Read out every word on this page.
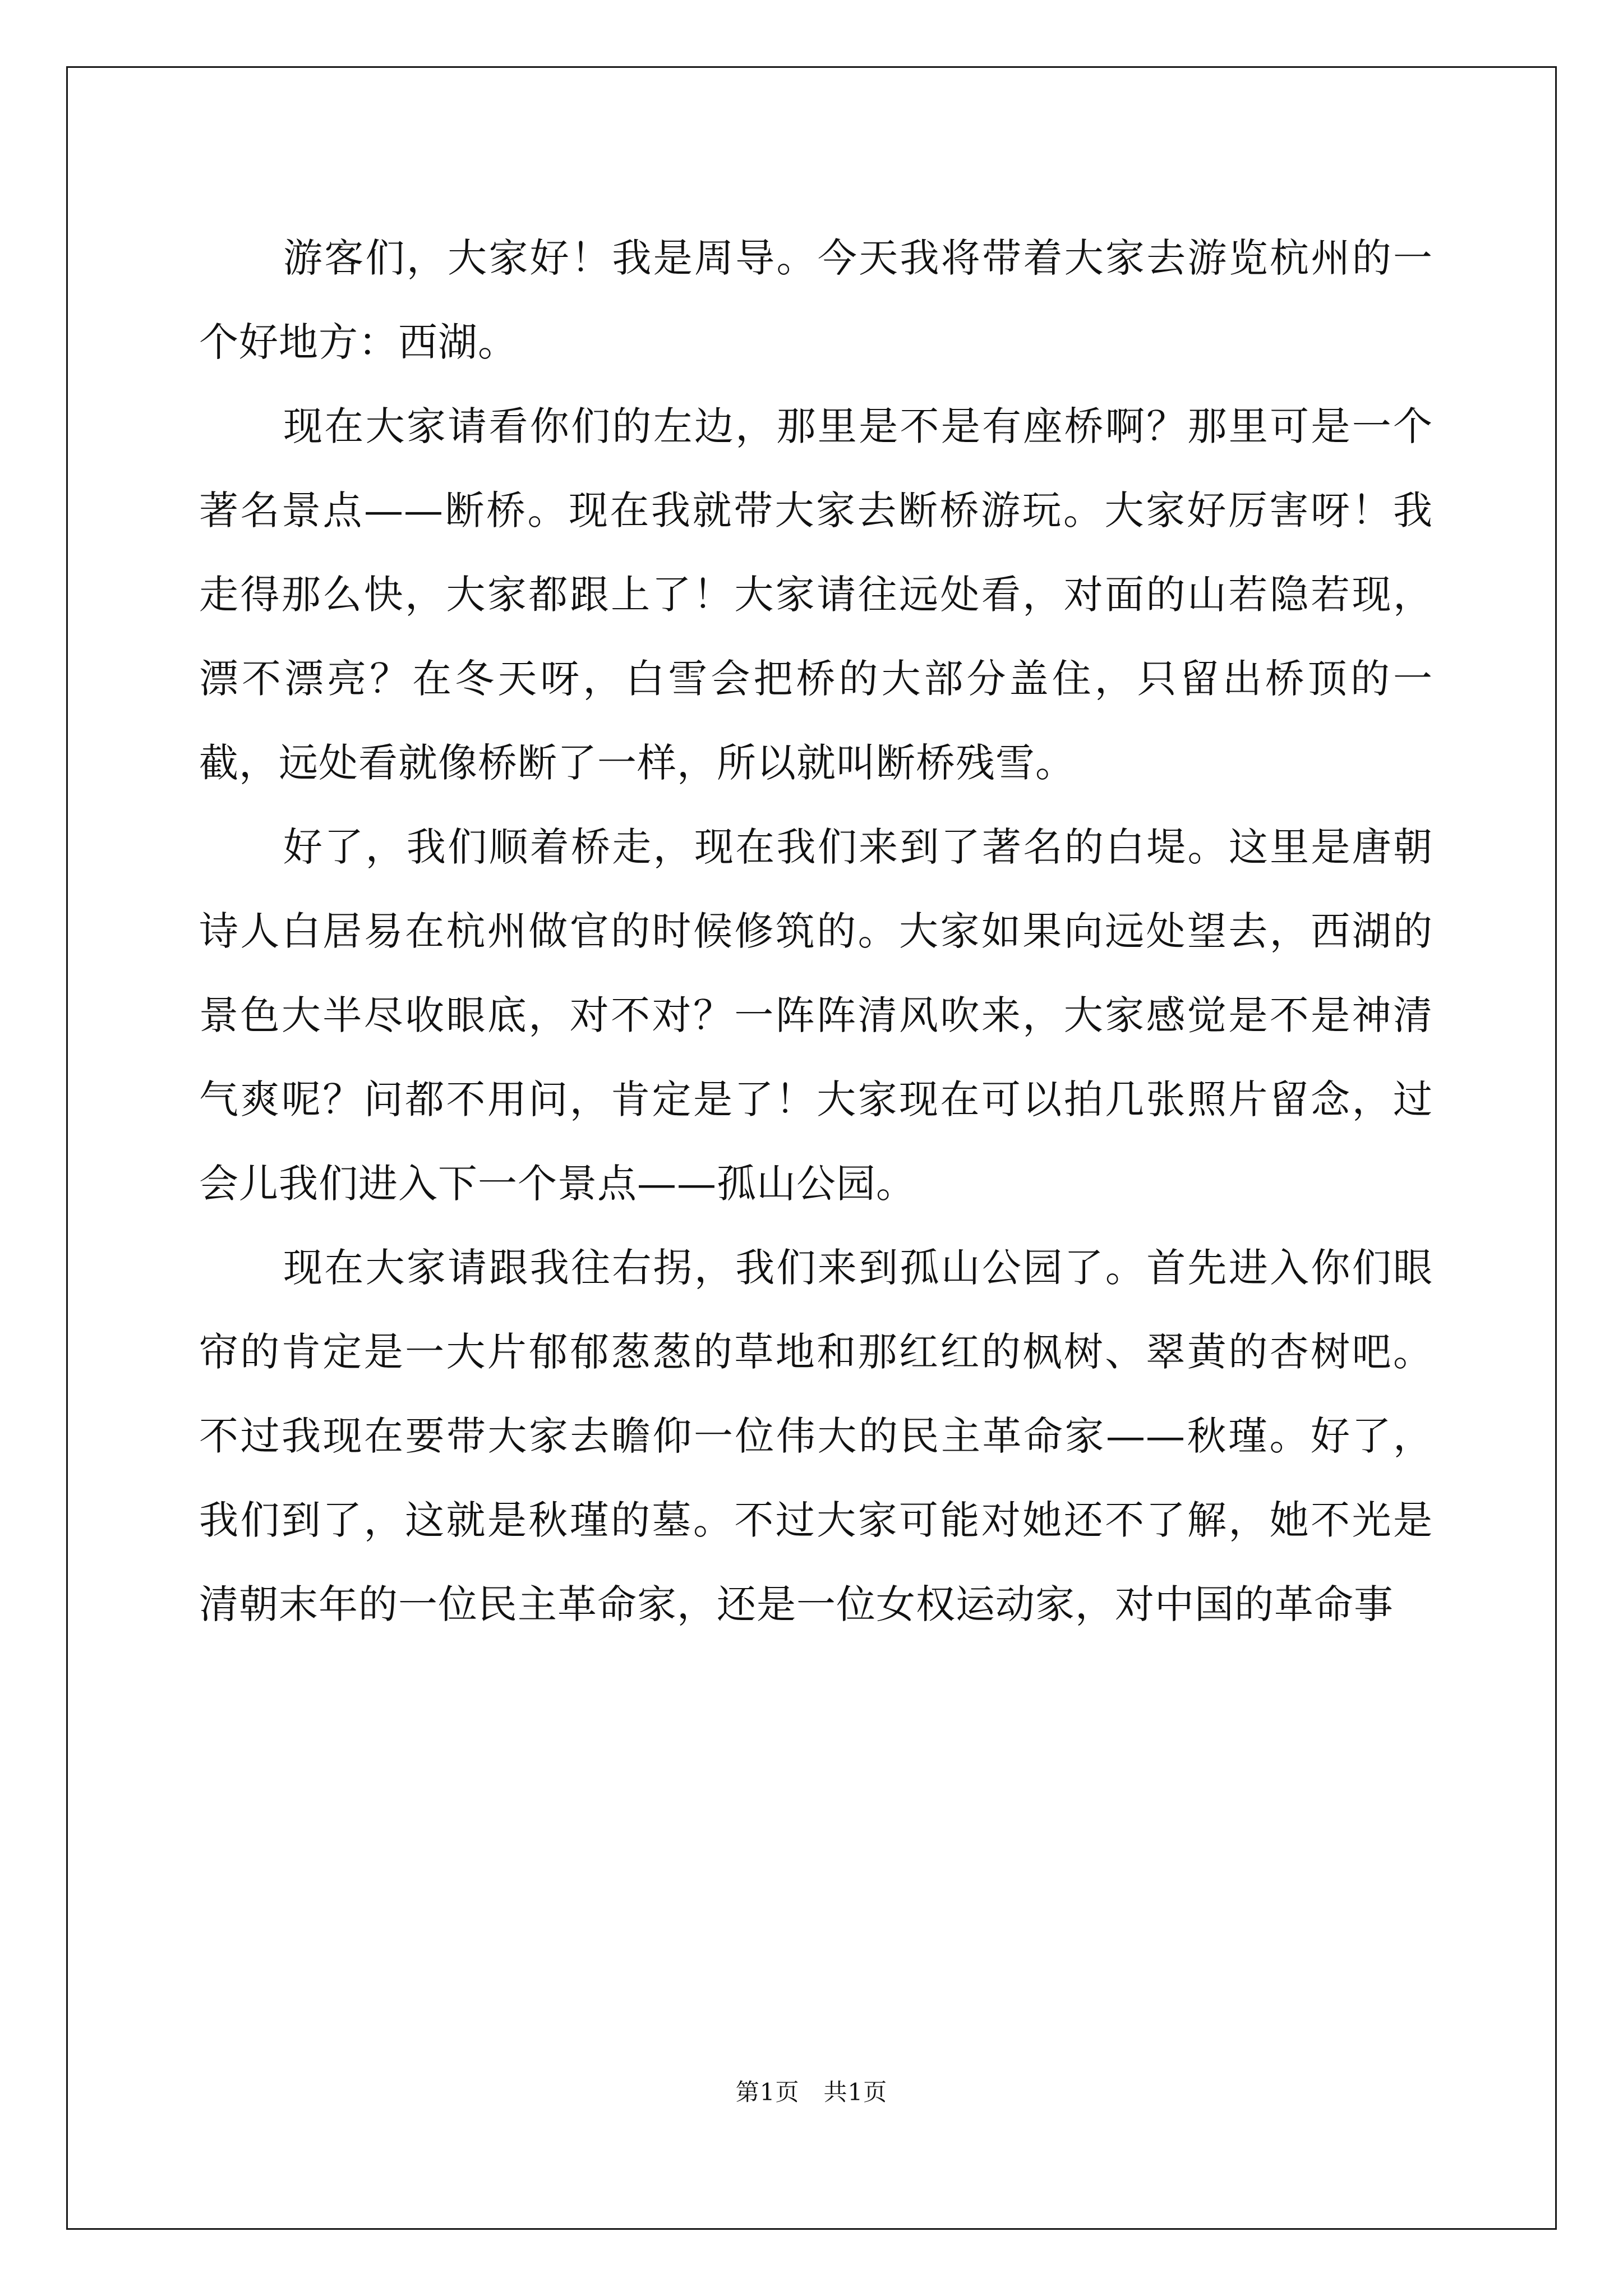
游客们，大家好！我是周导。今天我将带着大家去游览杭州的一个好地方：西湖。

现在大家请看你们的左边，那里是不是有座桥啊？那里可是一个著名景点——断桥。现在我就带大家去断桥游玩。大家好厉害呀！我走得那么快，大家都跟上了！大家请往远处看，对面的山若隐若现，漂不漂亮？在冬天呀，白雪会把桥的大部分盖住，只留出桥顶的一截，远处看就像桥断了一样，所以就叫断桥残雪。

好了，我们顺着桥走，现在我们来到了著名的白堤。这里是唐朝诗人白居易在杭州做官的时候修筑的。大家如果向远处望去，西湖的景色大半尽收眼底，对不对？一阵阵清风吹来，大家感觉是不是神清气爽呢？问都不用问，肯定是了！大家现在可以拍几张照片留念，过会儿我们进入下一个景点——孤山公园。

现在大家请跟我往右拐，我们来到孤山公园了。首先进入你们眼帘的肯定是一大片郁郁葱葱的草地和那红红的枫树、翠黄的杏树吧。不过我现在要带大家去瞻仰一位伟大的民主革命家——秋瑾。好了，我们到了，这就是秋瑾的墓。不过大家可能对她还不了解，她不光是清朝末年的一位民主革命家，还是一位女权运动家，对中国的革命事

第1页　共1页
